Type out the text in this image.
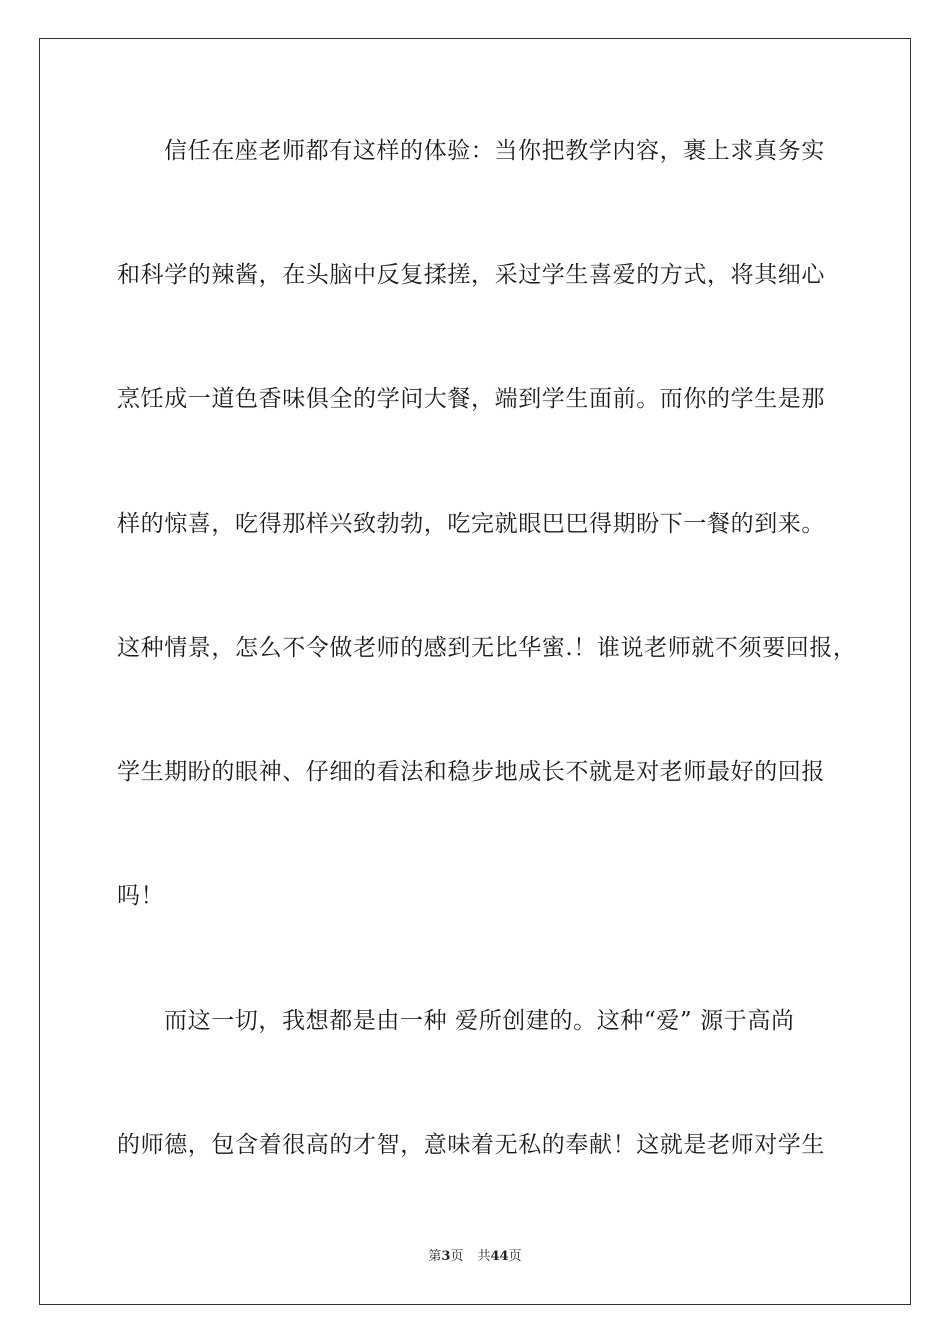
信任在座老师都有这样的体验：当你把教学内容，裹上求真务实
和科学的辣酱，在头脑中反复揉搓，采过学生喜爱的方式，将其细心
烹饪成一道色香味俱全的学问大餐，端到学生面前。而你的学生是那
样的惊喜，吃得那样兴致勃勃，吃完就眼巴巴得期盼下一餐的到来。
这种情景，怎么不令做老师的感到无比华蜜.！谁说老师就不须要回报，
学生期盼的眼神、仔细的看法和稳步地成长不就是对老师最好的回报
吗！
而这一切，我想都是由一种 爱所创建的。这种“爱” 源于高尚
的师德，包含着很高的才智，意味着无私的奉献！这就是老师对学生
第3页 共44页
